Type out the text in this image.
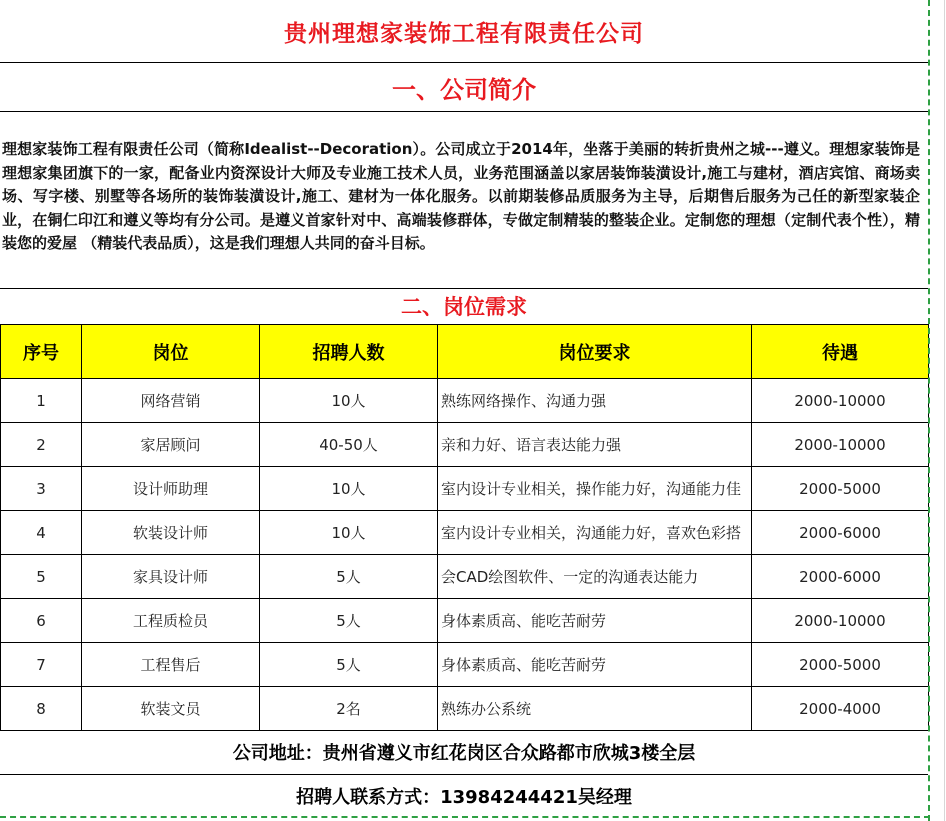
贵州理想家装饰工程有限责任公司
一、公司简介
理想家装饰工程有限责任公司（简称Idealist--Decoration）。公司成立于2014年，坐落于美丽的转折贵州之城---遵义。理想家装饰是理想家集团旗下的一家，配备业内资深设计大师及专业施工技术人员，业务范围涵盖以家居装饰装潢设计,施工与建材，酒店宾馆、商场卖场、写字楼、别墅等各场所的装饰装潢设计,施工、建材为一体化服务。以前期装修品质服务为主导，后期售后服务为己任的新型家装企业，在铜仁印江和遵义等均有分公司。是遵义首家针对中、高端装修群体，专做定制精装的整装企业。定制您的理想（定制代表个性），精装您的爱屋 （精装代表品质），这是我们理想人共同的奋斗目标。
二、岗位需求
序号	岗位	招聘人数	岗位要求	待遇
1	网络营销	10人	熟练网络操作、沟通力强	2000-10000
2	家居顾问	40-50人	亲和力好、语言表达能力强	2000-10000
3	设计师助理	10人	室内设计专业相关，操作能力好，沟通能力佳	2000-5000
4	软装设计师	10人	室内设计专业相关，沟通能力好，喜欢色彩搭	2000-6000
5	家具设计师	5人	会CAD绘图软件、一定的沟通表达能力	2000-6000
6	工程质检员	5人	身体素质高、能吃苦耐劳	2000-10000
7	工程售后	5人	身体素质高、能吃苦耐劳	2000-5000
8	软装文员	2名	熟练办公系统	2000-4000
公司地址：贵州省遵义市红花岗区合众路都市欣城3楼全层
招聘人联系方式：13984244421吴经理
